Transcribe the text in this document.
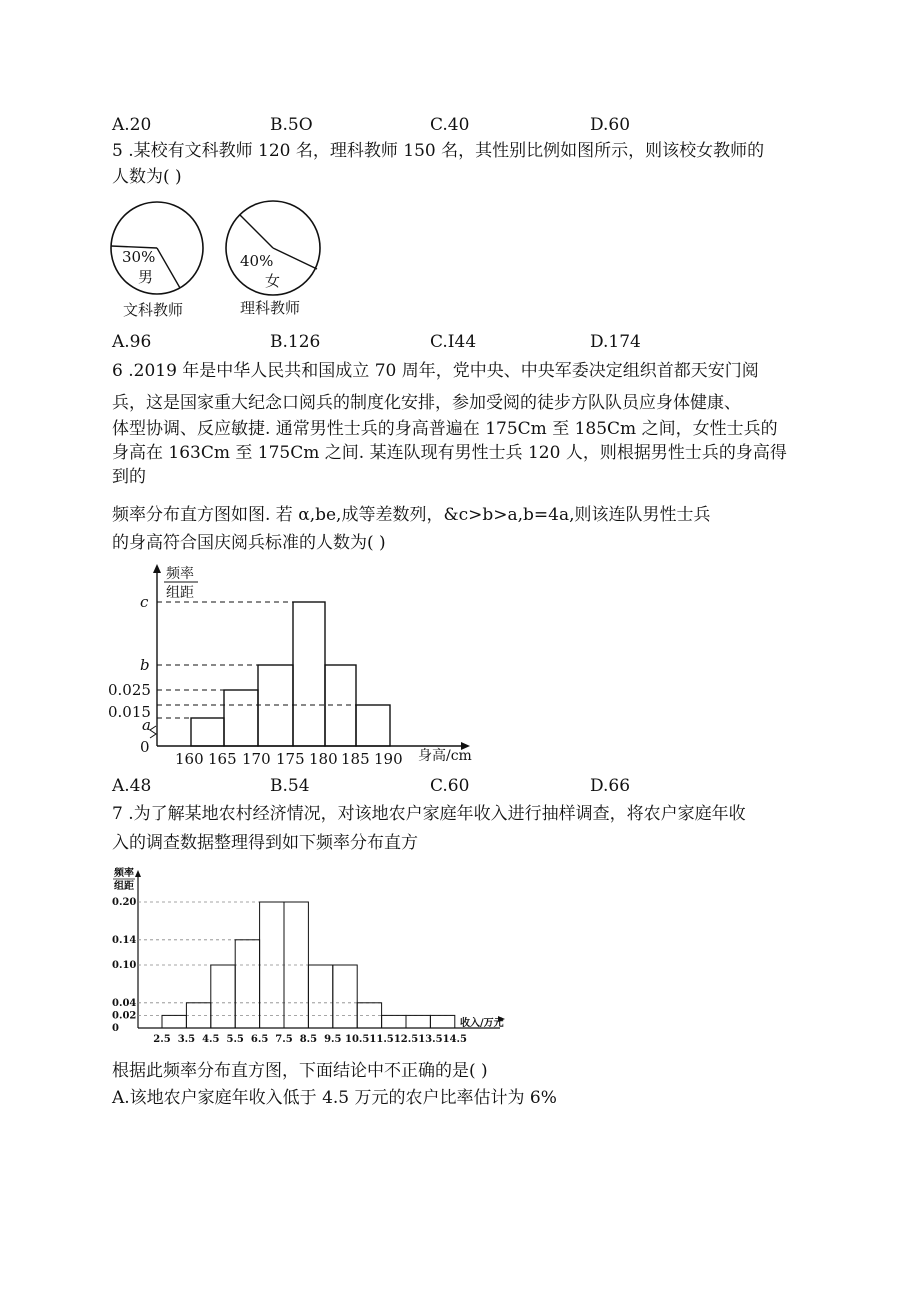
A.20	B.5O	C.40	D.60
5 .某校有文科教师 120 名，理科教师 150 名，其性别比例如图所示，则该校女教师的
人数为( )
30%
男
文科教师
40%
女
理科教师
A.96	B.126	C.I44	D.174
6 .2019 年是中华人民共和国成立 70 周年，党中央、中央军委决定组织首都天安门阅
兵，这是国家重大纪念口阅兵的制度化安排，参加受阅的徒步方队队员应身体健康、
体型协调、反应敏捷. 通常男性士兵的身高普遍在 175Cm 至 185Cm 之间，女性士兵的
身高在 163Cm 至 175Cm 之间. 某连队现有男性士兵 120 人，则根据男性士兵的身高得
到的
频率分布直方图如图. 若 α,be,成等差数列，&c>b>a,b=4a,则该连队男性士兵
的身高符合国庆阅兵标准的人数为( )
频率
组距
c
b
0.025
0.015
a
0
160 165 170 175 180 185 190 身高/cm
A.48	B.54	C.60	D.66
7 .为了解某地农村经济情况，对该地农户家庭年收入进行抽样调查，将农户家庭年收
入的调查数据整理得到如下频率分布直方
频率
组距
0.20
0.14
0.10
0.04
0.02
0
2.5 3.5 4.5 5.5 6.5 7.5 8.5 9.5 10.5 11.5 12.5 13.5 14.5
收入/万元
根据此频率分布直方图，下面结论中不正确的是( )
A.该地农户家庭年收入低于 4.5 万元的农户比率估计为 6%
